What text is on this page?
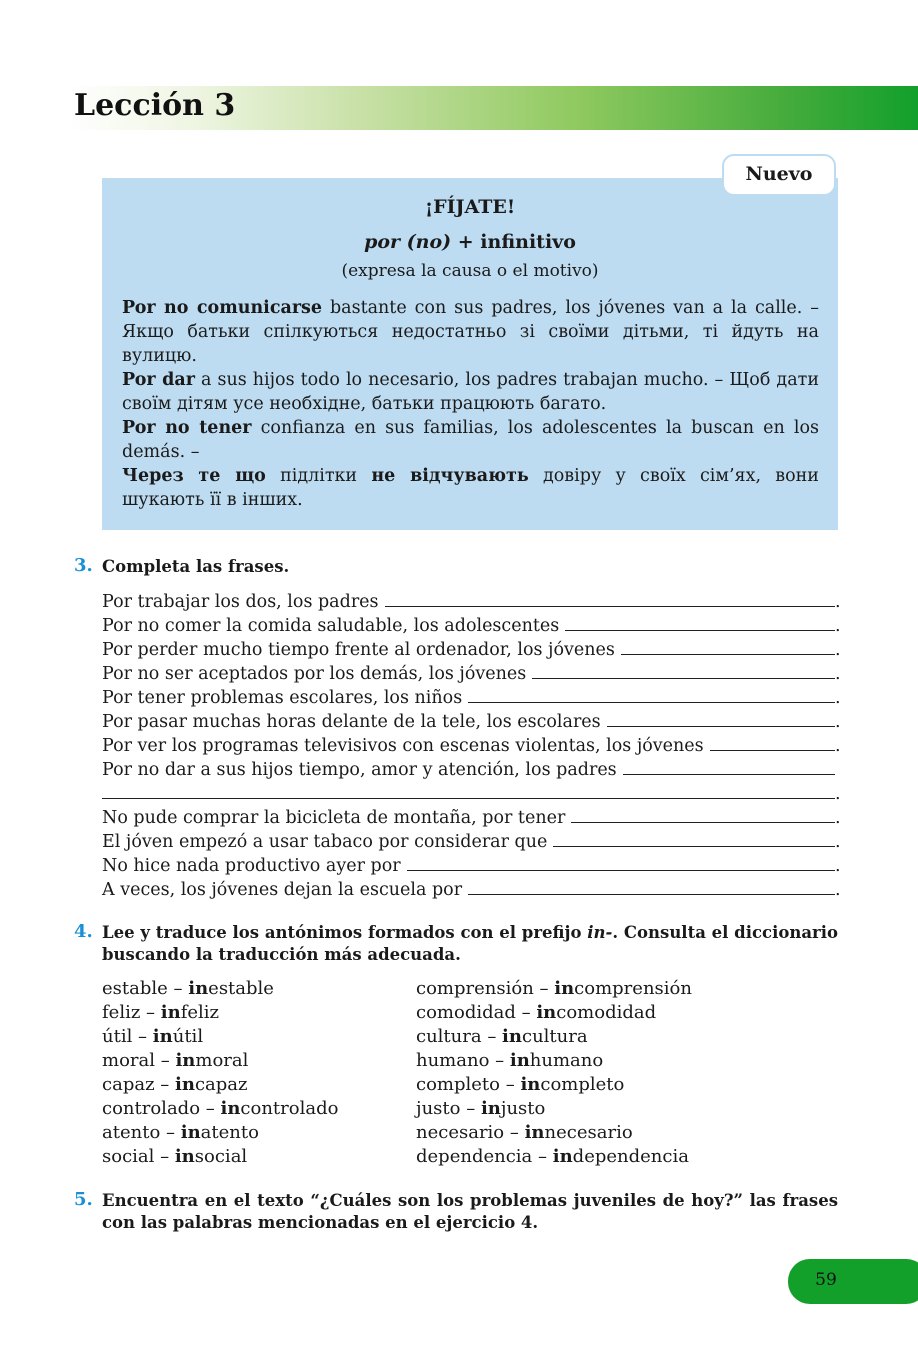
Lección 3
Nuevo
¡FÍJATE!
por (no) + infinitivo
(expresa la causa o el motivo)

Por no comunicarse bastante con sus padres, los jóvenes van a la calle. – Якщо батьки спілкуються недостатньо зі своїми дітьми, ті йдуть на вулицю.

Por dar a sus hijos todo lo necesario, los padres trabajan mucho. – Щоб дати своїм дітям усе необхідне, батьки працюють багато.

Por no tener confianza en sus familias, los adolescentes la buscan en los demás. –

Через те що підлітки не відчувають довіру у своїх сім’ях, вони шукають її в інших.

3. Completa las frases.
Por trabajar los dos, los padres	.
Por no comer la comida saludable, los adolescentes	.
Por perder mucho tiempo frente al ordenador, los jóvenes	.
Por no ser aceptados por los demás, los jóvenes	.
Por tener problemas escolares, los niños	.
Por pasar muchas horas delante de la tele, los escolares	.
Por ver los programas televisivos con escenas violentas, los jóvenes	.
Por no dar a sus hijos tiempo, amor y atención, los padres
.
No pude comprar la bicicleta de montaña, por tener	.
El jóven empezó a usar tabaco por considerar que	.
No hice nada productivo ayer por	.
A veces, los jóvenes dejan la escuela por	.
4. Lee y traduce los antónimos formados con el prefijo in-. Consulta el diccionario buscando la traducción más adecuada.
estable – inestable
feliz – infeliz
útil – inútil
moral – inmoral
capaz – incapaz
controlado – incontrolado
atento – inatento
social – insocial
comprensión – incomprensión
comodidad – incomodidad
cultura – incultura
humano – inhumano
completo – incompleto
justo – injusto
necesario – innecesario
dependencia – independencia
5. Encuentra en el texto “¿Cuáles son los problemas juveniles de hoy?” las frases con las palabras mencionadas en el ejercicio 4.
59
